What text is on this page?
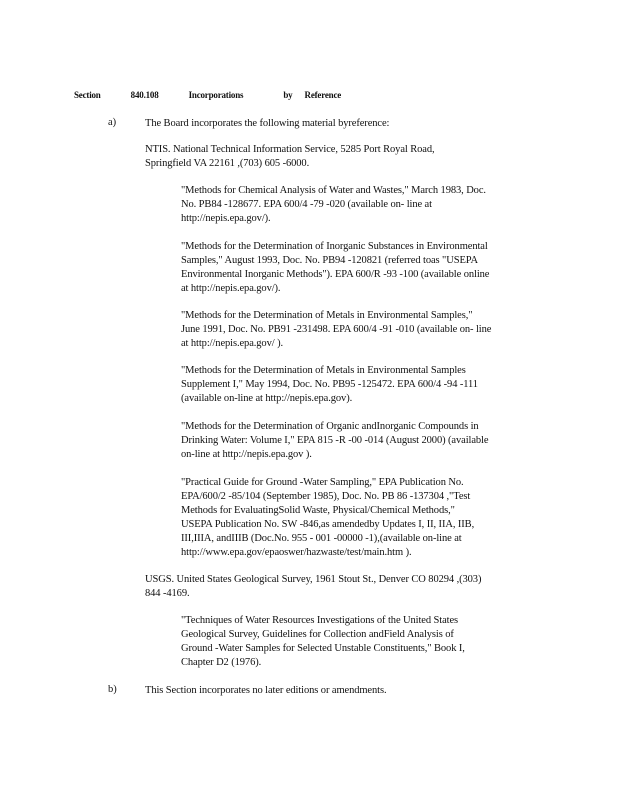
Section	840.108	Incorporations	by Reference
a)	The Board incorporates the following material byreference:
NTIS. National Technical Information Service, 5285 Port Royal Road,
Springfield VA 22161 ,(703) 605 -6000.
"Methods for Chemical Analysis of Water and Wastes," March 1983, Doc.
No. PB84 -128677. EPA 600/4 -79 -020 (available on- line at
http://nepis.epa.gov/).
"Methods for the Determination of Inorganic Substances in Environmental
Samples," August 1993, Doc. No. PB94 -120821 (referred toas "USEPA
Environmental Inorganic Methods"). EPA 600/R -93 -100 (available online
at http://nepis.epa.gov/).
"Methods for the Determination of Metals in Environmental Samples,"
June 1991, Doc. No. PB91 -231498. EPA 600/4 -91 -010 (available on- line
at http://nepis.epa.gov/ ).
"Methods for the Determination of Metals in Environmental Samples
Supplement I," May 1994, Doc. No. PB95 -125472. EPA 600/4 -94 -111
(available on-line at http://nepis.epa.gov).
"Methods for the Determination of Organic andInorganic Compounds in
Drinking Water: Volume I," EPA 815 -R -00 -014 (August 2000) (available
on-line at http://nepis.epa.gov ).
"Practical Guide for Ground -Water Sampling," EPA Publication No.
EPA/600/2 -85/104 (September 1985), Doc. No. PB 86 -137304 ,"Test
Methods for EvaluatingSolid Waste, Physical/Chemical Methods,"
USEPA Publication No. SW -846,as amendedby Updates I, II, IIA, IIB,
III,IIIA, andIIIB (Doc.No. 955 - 001 -00000 -1),(available on-line at
http://www.epa.gov/epaoswer/hazwaste/test/main.htm ).
USGS. United States Geological Survey, 1961 Stout St., Denver CO 80294 ,(303)
844 -4169.
"Techniques of Water Resources Investigations of the United States
Geological Survey, Guidelines for Collection andField Analysis of
Ground -Water Samples for Selected Unstable Constituents," Book I,
Chapter D2 (1976).
b)	This Section incorporates no later editions or amendments.
